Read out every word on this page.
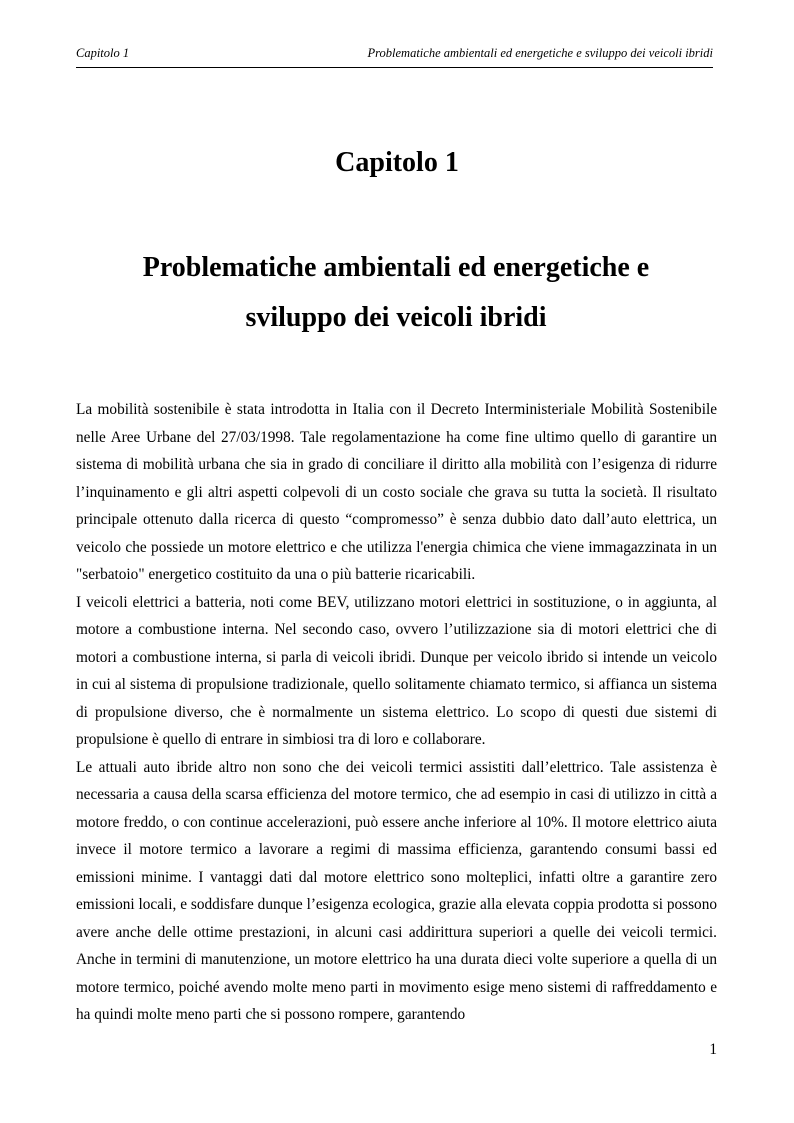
Capitolo 1	Problematiche ambientali ed energetiche e sviluppo dei veicoli ibridi
Capitolo 1
Problematiche ambientali ed energetiche e
sviluppo dei veicoli ibridi

La mobilità sostenibile è stata introdotta in Italia con il Decreto Interministeriale Mobilità Sostenibile nelle Aree Urbane del 27/03/1998. Tale regolamentazione ha come fine ultimo quello di garantire un sistema di mobilità urbana che sia in grado di conciliare il diritto alla mobilità con l’esigenza di ridurre l’inquinamento e gli altri aspetti colpevoli di un costo sociale che grava su tutta la società. Il risultato principale ottenuto dalla ricerca di questo “compromesso” è senza dubbio dato dall’auto elettrica, un veicolo che possiede un motore elettrico e che utilizza l'energia chimica che viene immagazzinata in un "serbatoio" energetico costituito da una o più batterie ricaricabili.

I veicoli elettrici a batteria, noti come BEV, utilizzano motori elettrici in sostituzione, o in aggiunta, al motore a combustione interna. Nel secondo caso, ovvero l’utilizzazione sia di motori elettrici che di motori a combustione interna, si parla di veicoli ibridi. Dunque per veicolo ibrido si intende un veicolo in cui al sistema di propulsione tradizionale, quello solitamente chiamato termico, si affianca un sistema di propulsione diverso, che è normalmente un sistema elettrico. Lo scopo di questi due sistemi di propulsione è quello di entrare in simbiosi tra di loro e collaborare.

Le attuali auto ibride altro non sono che dei veicoli termici assistiti dall’elettrico. Tale assistenza è necessaria a causa della scarsa efficienza del motore termico, che ad esempio in casi di utilizzo in città a motore freddo, o con continue accelerazioni, può essere anche inferiore al 10%. Il motore elettrico aiuta invece il motore termico a lavorare a regimi di massima efficienza, garantendo consumi bassi ed emissioni minime. I vantaggi dati dal motore elettrico sono molteplici, infatti oltre a garantire zero emissioni locali, e soddisfare dunque l’esigenza ecologica, grazie alla elevata coppia prodotta si possono avere anche delle ottime prestazioni, in alcuni casi addirittura superiori a quelle dei veicoli termici. Anche in termini di manutenzione, un motore elettrico ha una durata dieci volte superiore a quella di un motore termico, poiché avendo molte meno parti in movimento esige meno sistemi di raffreddamento e ha quindi molte meno parti che si possono rompere, garantendo

1
